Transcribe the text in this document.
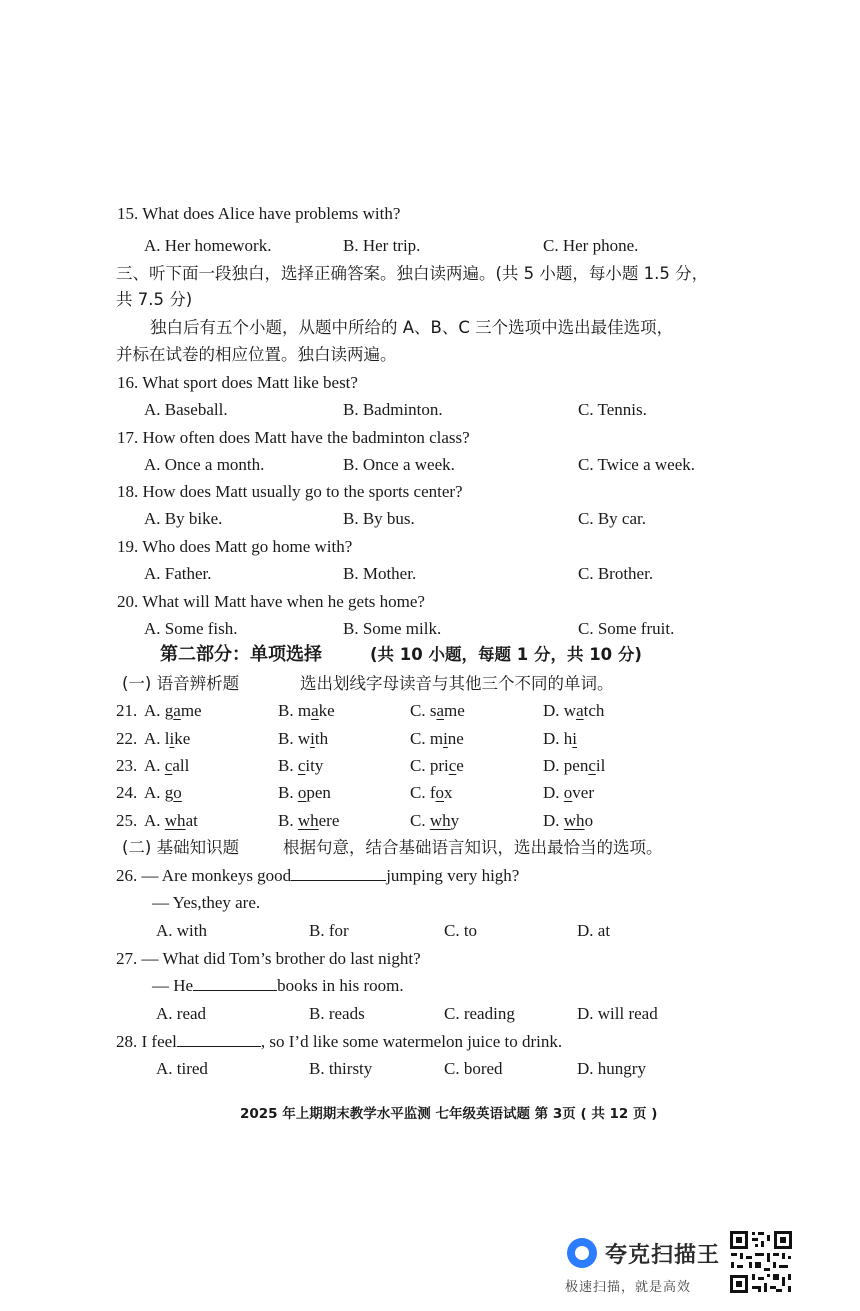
15. What does Alice have problems with?
A. Her homework.	B. Her trip.	C. Her phone.
三、听下面一段独白，选择正确答案。独白读两遍。(共 5 小题，每小题 1.5 分，
共 7.5 分)
独白后有五个小题，从题中所给的 A、B、C 三个选项中选出最佳选项，
并标在试卷的相应位置。独白读两遍。
16. What sport does Matt like best?
A. Baseball.	B. Badminton.	C. Tennis.
17. How often does Matt have the badminton class?
A. Once a month.	B. Once a week.	C. Twice a week.
18. How does Matt usually go to the sports center?
A. By bike.	B. By bus.	C. By car.
19. Who does Matt go home with?
A. Father.	B. Mother.	C. Brother.
20. What will Matt have when he gets home?
A. Some fish.	B. Some milk.	C. Some fruit.
第二部分：单项选择	(共 10 小题，每题 1 分，共 10 分)
(一) 语音辨析题	选出划线字母读音与其他三个不同的单词。
21. A. game	B. make	C. same	D. watch
22. A. like	B. with	C. mine	D. hi
23. A. call	B. city	C. price	D. pencil
24. A. go	B. open	C. fox	D. over
25. A. what	B. where	C. why	D. who
(二) 基础知识题	根据句意，结合基础语言知识，选出最恰当的选项。
26. — Are monkeys good	jumping very high?
— Yes,they are.
A. with	B. for	C. to	D. at
27. — What did Tom’s brother do last night?
— He	books in his room.
A. read	B. reads	C. reading	D. will read
28. I feel	, so I’d like some watermelon juice to drink.
A. tired	B. thirsty	C. bored	D. hungry
2025 年上期期末教学水平监测 七年级英语试题 第 3页 ( 共 12 页 )
夸克扫描王
极速扫描，就是高效
